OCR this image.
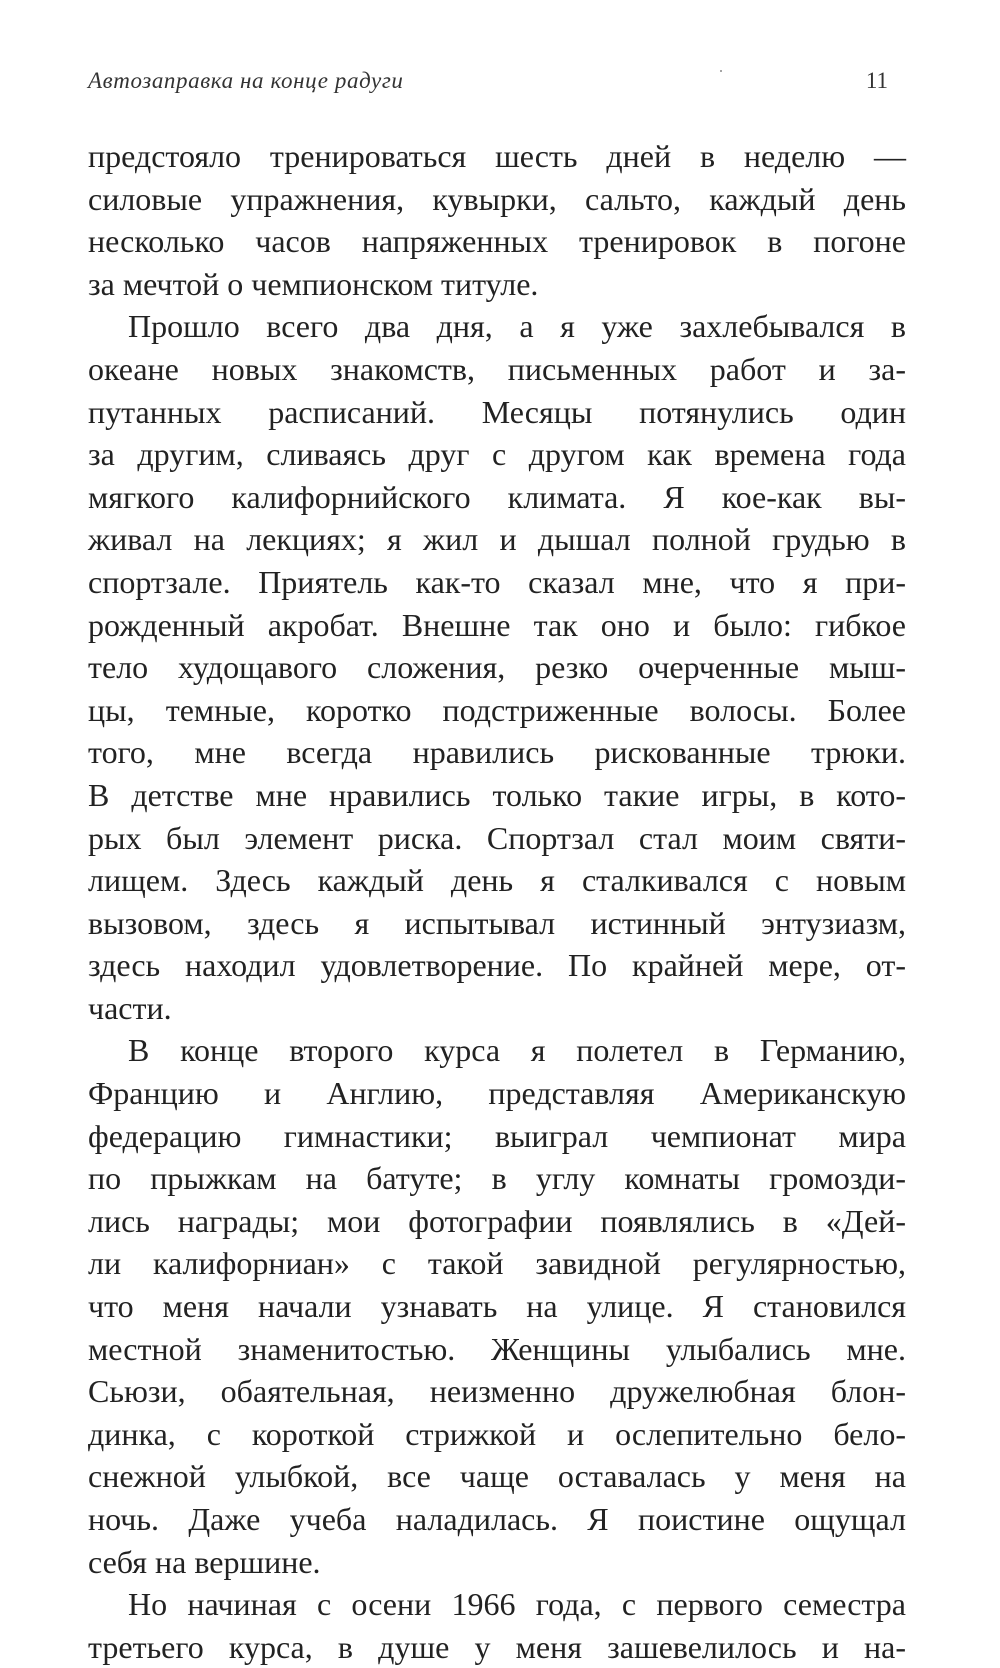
Автозаправка на конце радуги	11
предстояло тренироваться шесть дней в неделю —
силовые упражнения, кувырки, сальто, каждый день
несколько часов напряженных тренировок в погоне
за мечтой о чемпионском титуле.
Прошло всего два дня, а я уже захлебывался в
океане новых знакомств, письменных работ и за-
путанных расписаний. Месяцы потянулись один
за другим, сливаясь друг с другом как времена года
мягкого калифорнийского климата. Я кое-как вы-
живал на лекциях; я жил и дышал полной грудью в
спортзале. Приятель как-то сказал мне, что я при-
рожденный акробат. Внешне так оно и было: гибкое
тело худощавого сложения, резко очерченные мыш-
цы, темные, коротко подстриженные волосы. Более
того, мне всегда нравились рискованные трюки.
В детстве мне нравились только такие игры, в кото-
рых был элемент риска. Спортзал стал моим святи-
лищем. Здесь каждый день я сталкивался с новым
вызовом, здесь я испытывал истинный энтузиазм,
здесь находил удовлетворение. По крайней мере, от-
части.
В конце второго курса я полетел в Германию,
Францию и Англию, представляя Американскую
федерацию гимнастики; выиграл чемпионат мира
по прыжкам на батуте; в углу комнаты громозди-
лись награды; мои фотографии появлялись в «Дей-
ли калифорниан» с такой завидной регулярностью,
что меня начали узнавать на улице. Я становился
местной знаменитостью. Женщины улыбались мне.
Сьюзи, обаятельная, неизменно дружелюбная блон-
динка, с короткой стрижкой и ослепительно бело-
снежной улыбкой, все чаще оставалась у меня на
ночь. Даже учеба наладилась. Я поистине ощущал
себя на вершине.
Но начиная с осени 1966 года, с первого семестра
третьего курса, в душе у меня зашевелилось и на-
